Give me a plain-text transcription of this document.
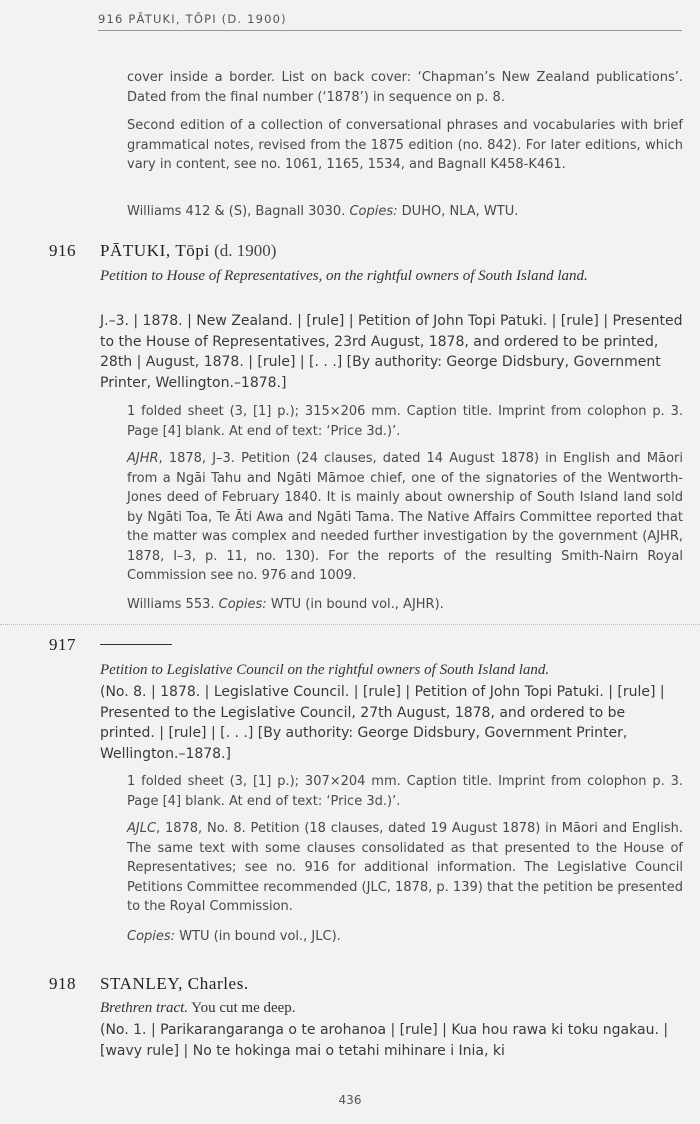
916 PĀTUKI, TŌPI (D. 1900)

cover inside a border. List on back cover: ‘Chapman’s New Zealand publications’. Dated from the final number (‘1878’) in sequence on p. 8.

Second edition of a collection of conversational phrases and vocabularies with brief grammatical notes, revised from the 1875 edition (no. 842). For later editions, which vary in content, see no. 1061, 1165, 1534, and Bagnall K458-K461.

Williams 412 & (S), Bagnall 3030. Copies: DUHO, NLA, WTU.

916 PĀTUKI, Tōpi (d. 1900)

Petition to House of Representatives, on the rightful owners of South Island land.

J.–3. | 1878. | New Zealand. | [rule] | Petition of John Topi Patuki. | [rule] | Presented to the House of Representatives, 23rd August, 1878, and ordered to be printed, 28th | August, 1878. | [rule] | [. . .] [By authority: George Didsbury, Government Printer, Wellington.–1878.]

1 folded sheet (3, [1] p.); 315×206 mm. Caption title. Imprint from colophon p. 3. Page [4] blank. At end of text: ‘Price 3d.)’.

AJHR, 1878, J–3. Petition (24 clauses, dated 14 August 1878) in English and Māori from a Ngāi Tahu and Ngāti Māmoe chief, one of the signatories of the Wentworth-Jones deed of February 1840. It is mainly about ownership of South Island land sold by Ngāti Toa, Te Āti Awa and Ngāti Tama. The Native Affairs Committee reported that the matter was complex and needed further investigation by the government (AJHR, 1878, I–3, p. 11, no. 130). For the reports of the resulting Smith-Nairn Royal Commission see no. 976 and 1009.

Williams 553. Copies: WTU (in bound vol., AJHR).

917

Petition to Legislative Council on the rightful owners of South Island land.

(No. 8. | 1878. | Legislative Council. | [rule] | Petition of John Topi Patuki. | [rule] | Presented to the Legislative Council, 27th August, 1878, and ordered to be printed. | [rule] | [. . .] [By authority: George Didsbury, Government Printer, Wellington.–1878.]

1 folded sheet (3, [1] p.); 307×204 mm. Caption title. Imprint from colophon p. 3. Page [4] blank. At end of text: ‘Price 3d.)’.

AJLC, 1878, No. 8. Petition (18 clauses, dated 19 August 1878) in Māori and English. The same text with some clauses consolidated as that presented to the House of Representatives; see no. 916 for additional information. The Legislative Council Petitions Committee recommended (JLC, 1878, p. 139) that the petition be presented to the Royal Commission.

Copies: WTU (in bound vol., JLC).

918 STANLEY, Charles.

Brethren tract. You cut me deep.

(No. 1. | Parikarangaranga o te arohanoa | [rule] | Kua hou rawa ki toku ngakau. | [wavy rule] | No te hokinga mai o tetahi mihinare i Inia, ki

436
